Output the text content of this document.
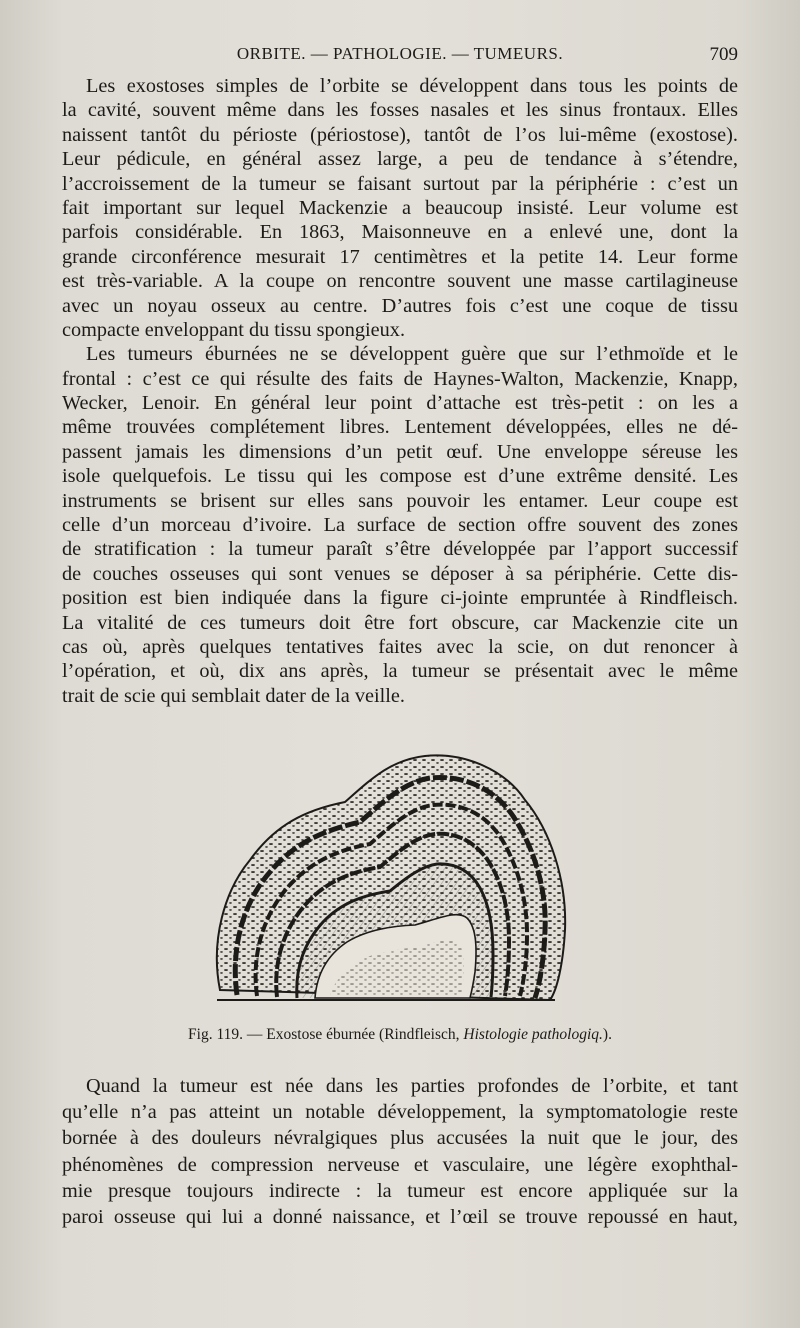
ORBITE. — PATHOLOGIE. — TUMEURS.	709
Les exostoses simples de l’orbite se développent dans tous les points de
la cavité, souvent même dans les fosses nasales et les sinus frontaux. Elles
naissent tantôt du périoste (périostose), tantôt de l’os lui-même (exostose).
Leur pédicule, en général assez large, a peu de tendance à s’étendre,
l’accroissement de la tumeur se faisant surtout par la périphérie : c’est un
fait important sur lequel Mackenzie a beaucoup insisté. Leur volume est
parfois considérable. En 1863, Maisonneuve en a enlevé une, dont la
grande circonférence mesurait 17 centimètres et la petite 14. Leur forme
est très-variable. A la coupe on rencontre souvent une masse cartilagineuse
avec un noyau osseux au centre. D’autres fois c’est une coque de tissu
compacte enveloppant du tissu spongieux.
Les tumeurs éburnées ne se développent guère que sur l’ethmoïde et le
frontal : c’est ce qui résulte des faits de Haynes-Walton, Mackenzie, Knapp,
Wecker, Lenoir. En général leur point d’attache est très-petit : on les a
même trouvées complétement libres. Lentement développées, elles ne dé-
passent jamais les dimensions d’un petit œuf. Une enveloppe séreuse les
isole quelquefois. Le tissu qui les compose est d’une extrême densité. Les
instruments se brisent sur elles sans pouvoir les entamer. Leur coupe est
celle d’un morceau d’ivoire. La surface de section offre souvent des zones
de stratification : la tumeur paraît s’être développée par l’apport successif
de couches osseuses qui sont venues se déposer à sa périphérie. Cette dis-
position est bien indiquée dans la figure ci-jointe empruntée à Rindfleisch.
La vitalité de ces tumeurs doit être fort obscure, car Mackenzie cite un
cas où, après quelques tentatives faites avec la scie, on dut renoncer à
l’opération, et où, dix ans après, la tumeur se présentait avec le même
trait de scie qui semblait dater de la veille.
Fig. 119. — Exostose éburnée (Rindfleisch, Histologie pathologiq.).
Quand la tumeur est née dans les parties profondes de l’orbite, et tant
qu’elle n’a pas atteint un notable développement, la symptomatologie reste
bornée à des douleurs névralgiques plus accusées la nuit que le jour, des
phénomènes de compression nerveuse et vasculaire, une légère exophthal-
mie presque toujours indirecte : la tumeur est encore appliquée sur la
paroi osseuse qui lui a donné naissance, et l’œil se trouve repoussé en haut,
